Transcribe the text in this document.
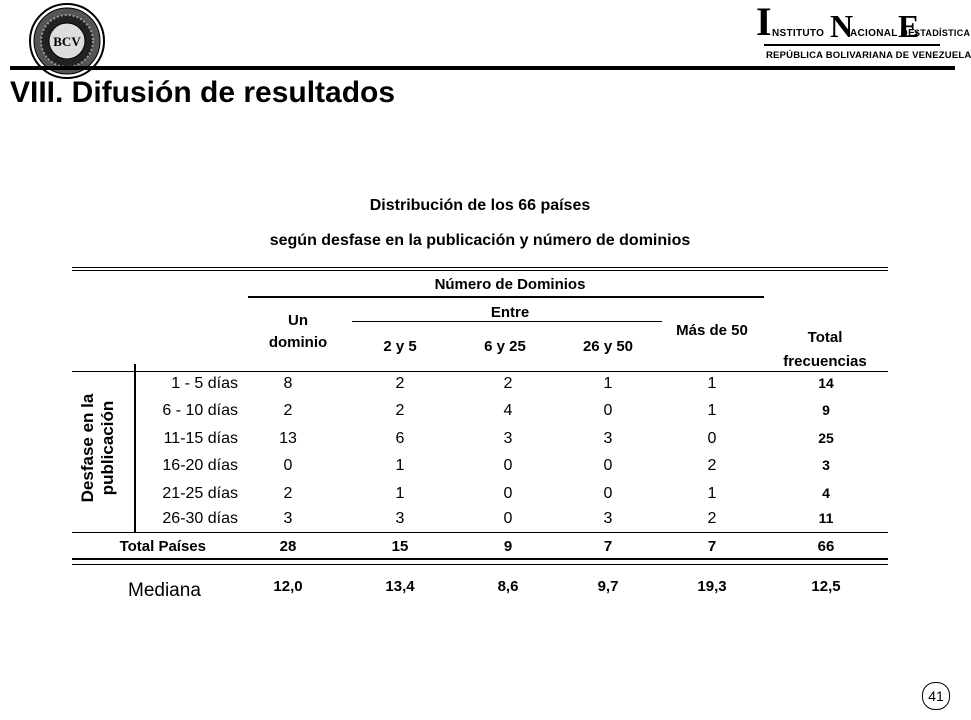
BCV	I NSTITUTO N
ACIONAL DE
E
STADÍSTICA
REPÚBLICA BOLIVARIANA DE VENEZUELA
VIII. Difusión de resultados
Distribución de los 66 países
según desfase en la publicación y número de dominios
Número de Dominios
Un
dominio
Entre
2 y 5	6 y 25	26 y 50
Más de 50	Total
frecuencias
Desfase en la publicación
1 - 5 días	8	2	2	1	1	14
6 - 10 días	2	2	4	0	1	9
11-15 días	13	6	3	3	0	25
16-20 días	0	1	0	0	2	3
21-25 días	2	1	0	0	1	4
26-30 días	3	3	0	3	2	11
Total Países	28	15	9	7	7	66
Mediana	12,0	13,4	8,6	9,7	19,3	12,5
41
